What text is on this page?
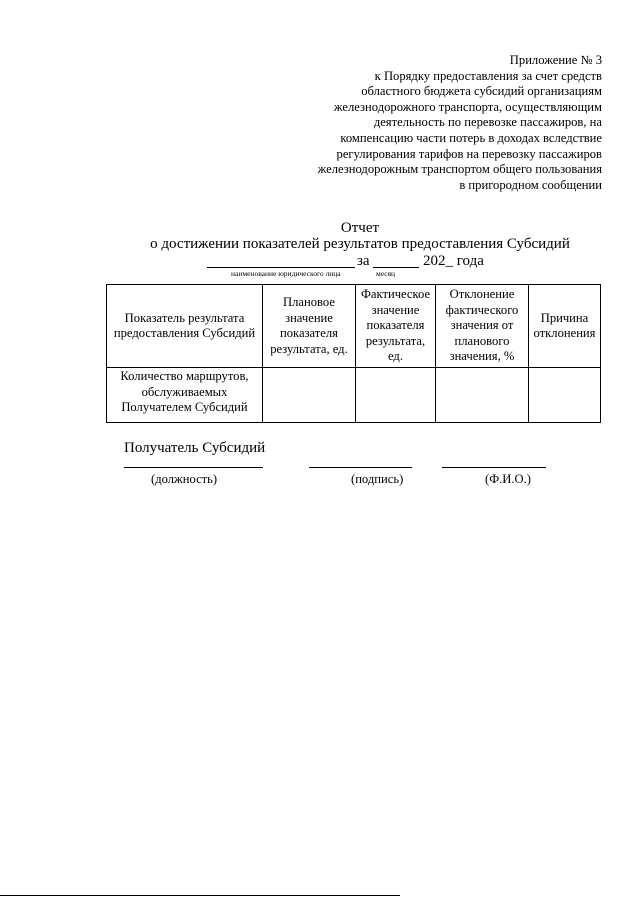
Приложение № 3
к Порядку предоставления за счет средств
областного бюджета субсидий организациям
железнодорожного транспорта, осуществляющим
деятельность по перевозке пассажиров, на
компенсацию части потерь в доходах вследствие
регулирования тарифов на перевозку пассажиров
железнодорожным транспортом общего пользования
в пригородном сообщении
Отчет
о достижении показателей результатов предоставления Субсидий
за	202_ года
наименование юридического лица	месяц
Показатель результата предоставления Субсидий	Плановое значение показателя результата, ед.	Фактическое значение показателя результата, ед.	Отклонение фактического значения от планового значения, %	Причина отклонения
Количество маршрутов, обслуживаемых Получателем Субсидий				
Получатель Субсидий
(должность)	(подпись)	(Ф.И.О.)
